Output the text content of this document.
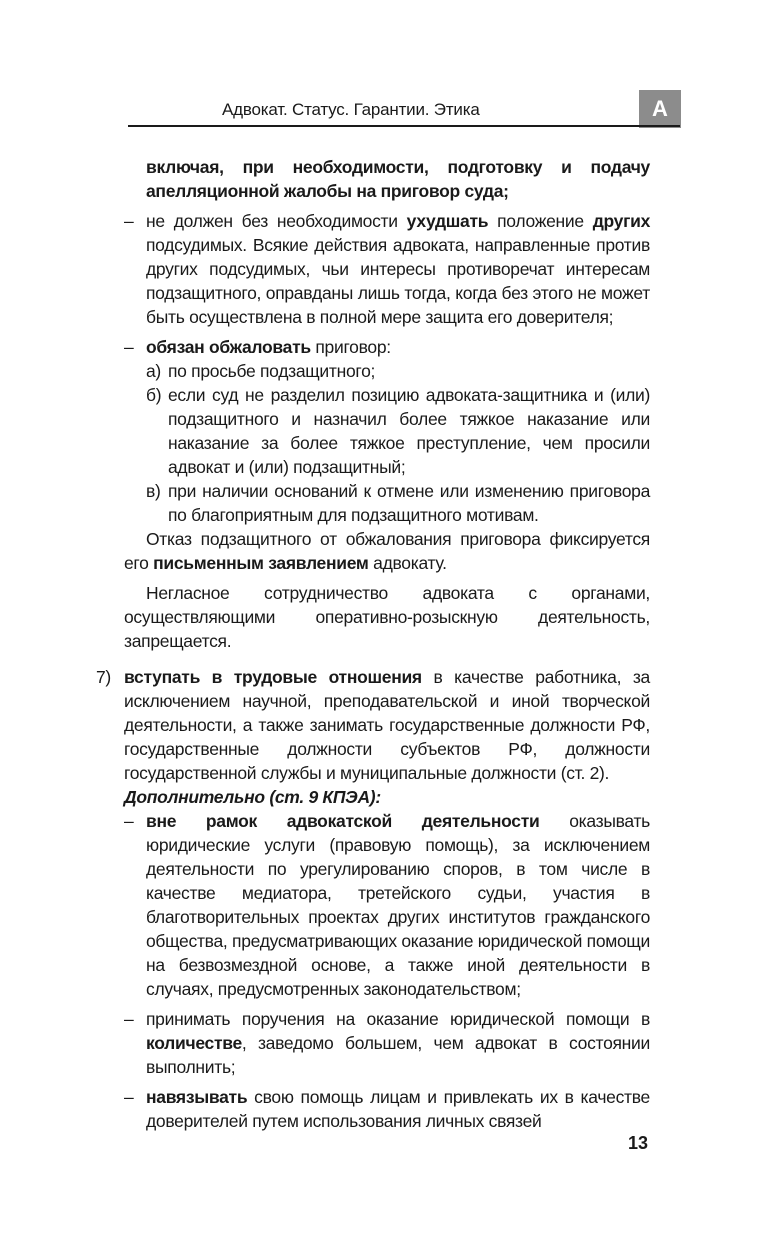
Адвокат. Статус. Гарантии. Этика	А

включая, при необходимости, подготовку и подачу апелляционной жалобы на приговор суда;

– не должен без необходимости ухудшать положение других подсудимых. Всякие действия адвоката, направленные против других подсудимых, чьи интересы противоречат интересам подзащитного, оправданы лишь тогда, когда без этого не может быть осуществлена в полной мере защита его доверителя;
– обязан обжаловать приговор:
а) по просьбе подзащитного;
б) если суд не разделил позицию адвоката-защитника и (или) подзащитного и назначил более тяжкое наказание или наказание за более тяжкое преступление, чем просили адвокат и (или) подзащитный;
в) при наличии оснований к отмене или изменению приговора по благоприятным для подзащитного мотивам.

Отказ подзащитного от обжалования приговора фиксируется его письменным заявлением адвокату.

Негласное сотрудничество адвоката с органами, осуществляющими оперативно-розыскную деятельность, запрещается.

7) вступать в трудовые отношения в качестве работника, за исключением научной, преподавательской и иной творческой деятельности, а также занимать государственные должности РФ, государственные должности субъектов РФ, должности государственной службы и муниципальные должности (ст. 2).

Дополнительно (ст. 9 КПЭА):

– вне рамок адвокатской деятельности оказывать юридические услуги (правовую помощь), за исключением деятельности по урегулированию споров, в том числе в качестве медиатора, третейского судьи, участия в благотворительных проектах других институтов гражданского общества, предусматривающих оказание юридической помощи на безвозмездной основе, а также иной деятельности в случаях, предусмотренных законодательством;
– принимать поручения на оказание юридической помощи в количестве, заведомо большем, чем адвокат в состоянии выполнить;
– навязывать свою помощь лицам и привлекать их в качестве доверителей путем использования личных связей
13
